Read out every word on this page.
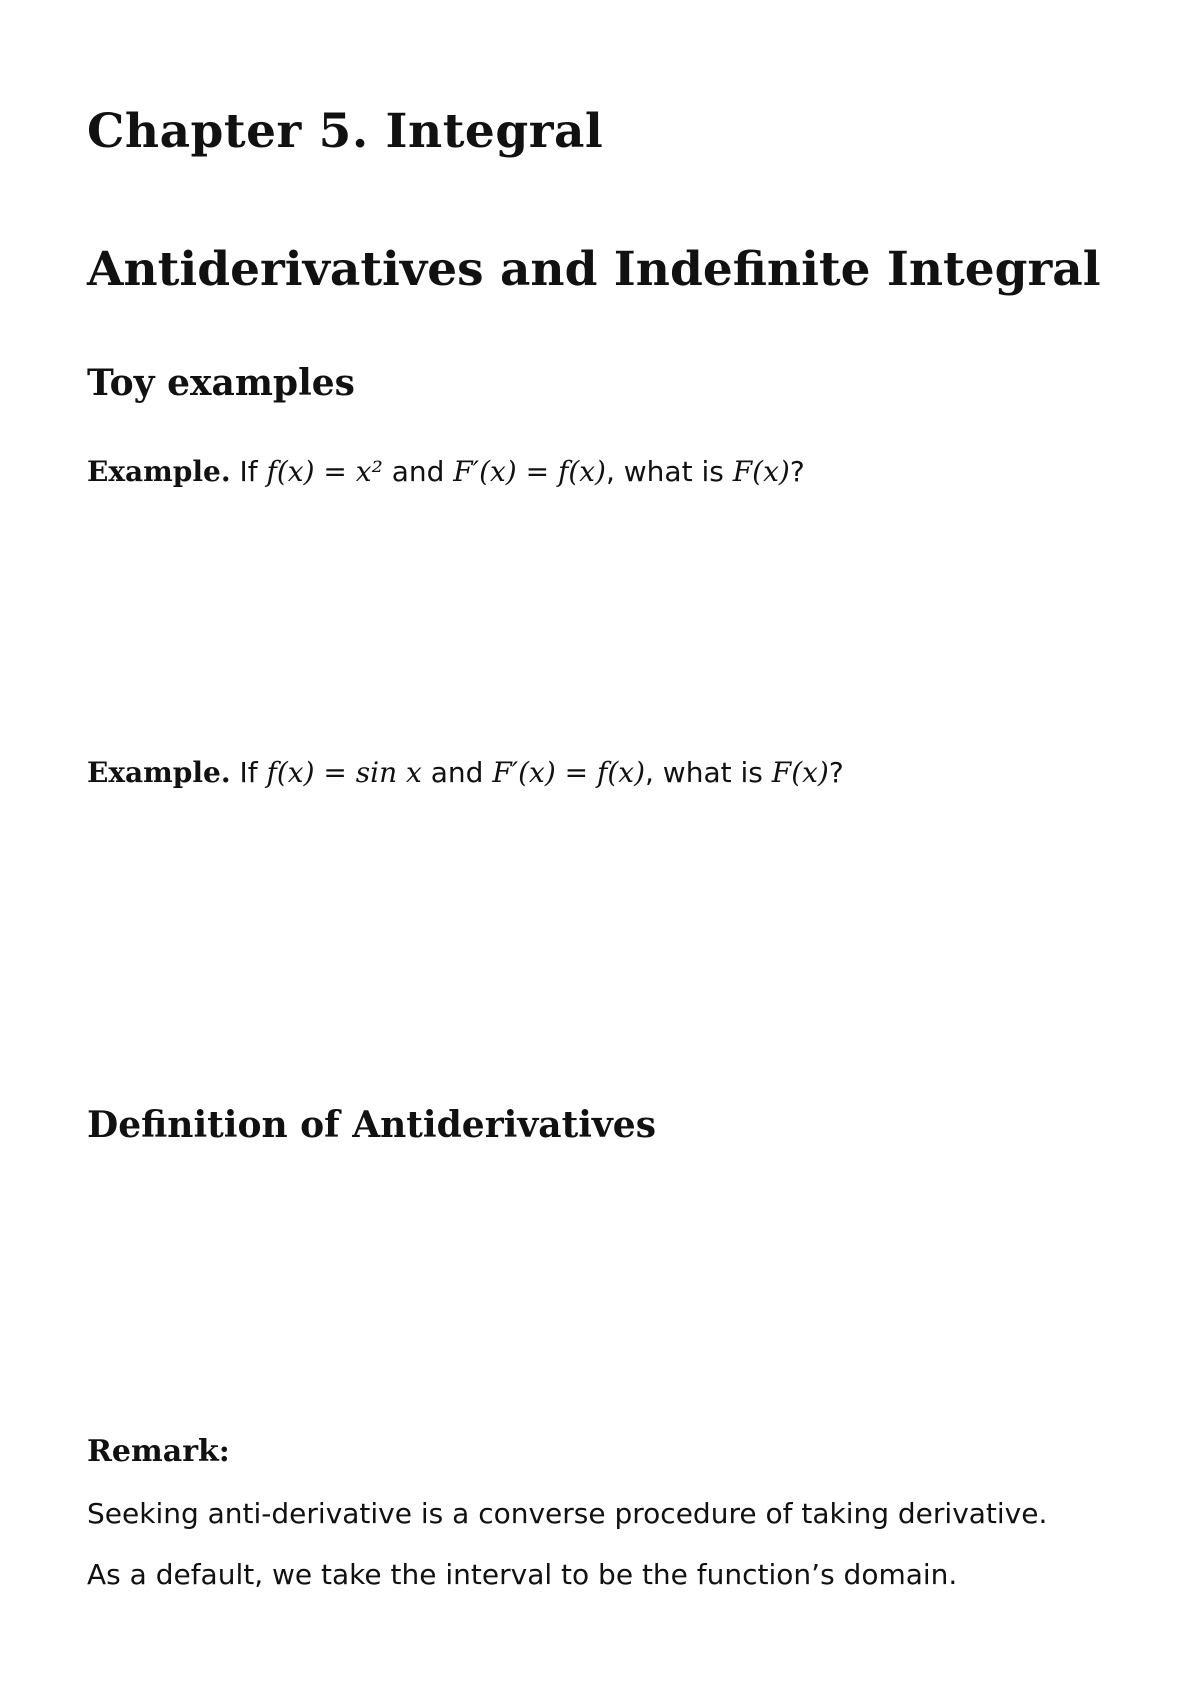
Chapter 5. Integral
Antiderivatives and Indefinite Integral
Toy examples
Example. If f(x) = x² and F′(x) = f(x), what is F(x)?
Example. If f(x) = sin x and F′(x) = f(x), what is F(x)?
Definition of Antiderivatives
Remark:
Seeking anti-derivative is a converse procedure of taking derivative.
As a default, we take the interval to be the function’s domain.
